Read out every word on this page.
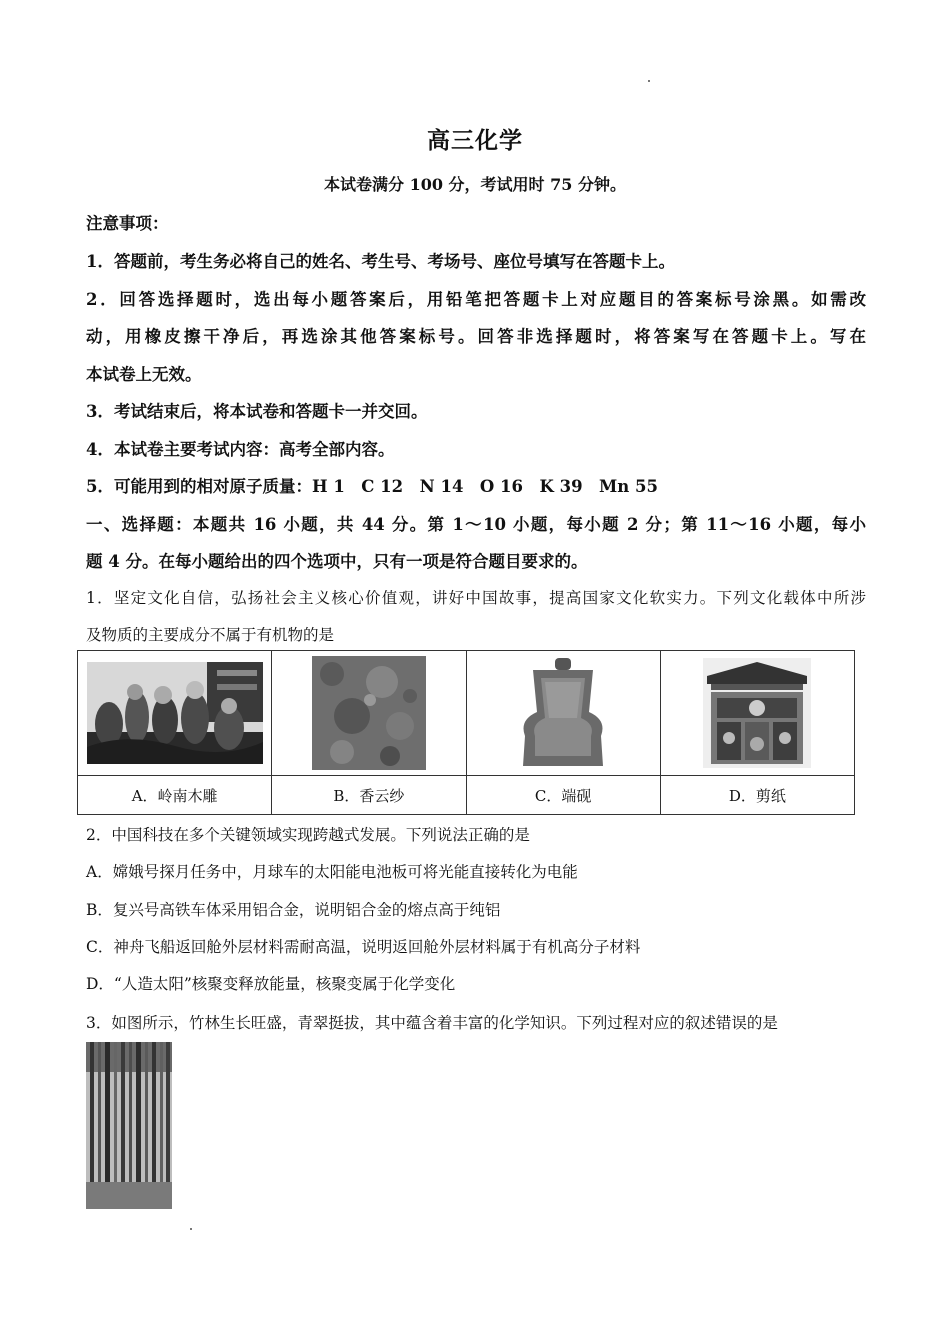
高三化学
本试卷满分 100 分，考试用时 75 分钟。
注意事项：
1．答题前，考生务必将自己的姓名、考生号、考场号、座位号填写在答题卡上。
2．回答选择题时，选出每小题答案后，用铅笔把答题卡上对应题目的答案标号涂黑。如需改
动，用橡皮擦干净后，再选涂其他答案标号。回答非选择题时，将答案写在答题卡上。写在
本试卷上无效。
3．考试结束后，将本试卷和答题卡一并交回。
4．本试卷主要考试内容：高考全部内容。
5．可能用到的相对原子质量：H 1　C 12　N 14　O 16　K 39　Mn 55
一、选择题：本题共 16 小题，共 44 分。第 1～10 小题，每小题 2 分；第 11～16 小题，每小
题 4 分。在每小题给出的四个选项中，只有一项是符合题目要求的。
1．坚定文化自信，弘扬社会主义核心价值观，讲好中国故事，提高国家文化软实力。下列文化载体中所涉
及物质的主要成分不属于有机物的是

A．岭南木雕	B．香云纱	C．端砚	D．剪纸
2．中国科技在多个关键领域实现跨越式发展。下列说法正确的是
A．嫦娥号探月任务中，月球车的太阳能电池板可将光能直接转化为电能
B．复兴号高铁车体采用铝合金，说明铝合金的熔点高于纯铝
C．神舟飞船返回舱外层材料需耐高温，说明返回舱外层材料属于有机高分子材料
D．“人造太阳”核聚变释放能量，核聚变属于化学变化
3．如图所示，竹林生长旺盛，青翠挺拔，其中蕴含着丰富的化学知识。下列过程对应的叙述错误的是
